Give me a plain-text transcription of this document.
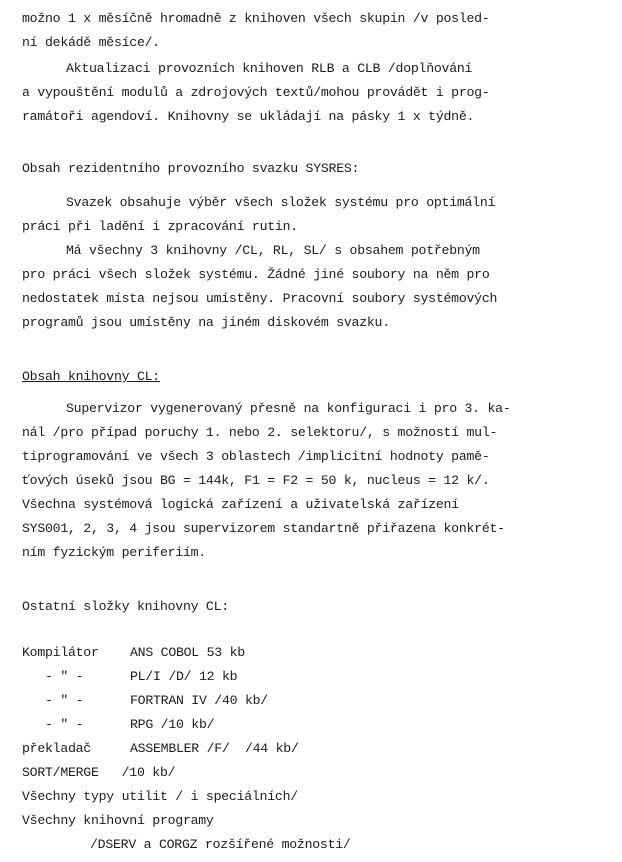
možno 1 x měsíčně hromadně z knihoven všech skupin /v posled-
ní dekádě měsíce/.
Aktualizaci provozních knihoven RLB a CLB /doplňování
a vypouštění modulů a zdrojových textů/mohou provádět i prog-
ramátoři agendoví. Knihovny se ukládají na pásky 1 x týdně.
Obsah rezidentního provozního svazku SYSRES:
Svazek obsahuje výběr všech složek systému pro optimální
práci při ladění i zpracování rutin.
Má všechny 3 knihovny /CL, RL, SL/ s obsahem potřebným
pro práci všech složek systému. Žádné jiné soubory na něm pro
nedostatek místa nejsou umístěny. Pracovní soubory systémových
programů jsou umístěny na jiném diskovém svazku.
Obsah knihovny CL:
Supervizor vygenerovaný přesně na konfiguraci i pro 3. ka-
nál /pro případ poruchy 1. nebo 2. selektoru/, s možností mul-
tiprogramování ve všech 3 oblastech /implicitní hodnoty pamě-
ťových úseků jsou BG = 144k, F1 = F2 = 50 k, nucleus = 12 k/.
Všechna systémová logická zařízení a uživatelská zařízení
SYS001, 2, 3, 4 jsou supervizorem standartně přiřazena konkrét-
ním fyzickým periferiím.
Ostatní složky knihovny CL:
Kompilátor ANS COBOL 53 kb
- " -	PL/I /D/ 12 kb
- " -	FORTRAN IV /40 kb/
- " -	RPG /10 kb/
překladač	ASSEMBLER /F/  /44 kb/
SORT/MERGE   /10 kb/
Všechny typy utilit / i speciálních/
Všechny knihovní programy
/DSERV a CORGZ rozšířené možnosti/
